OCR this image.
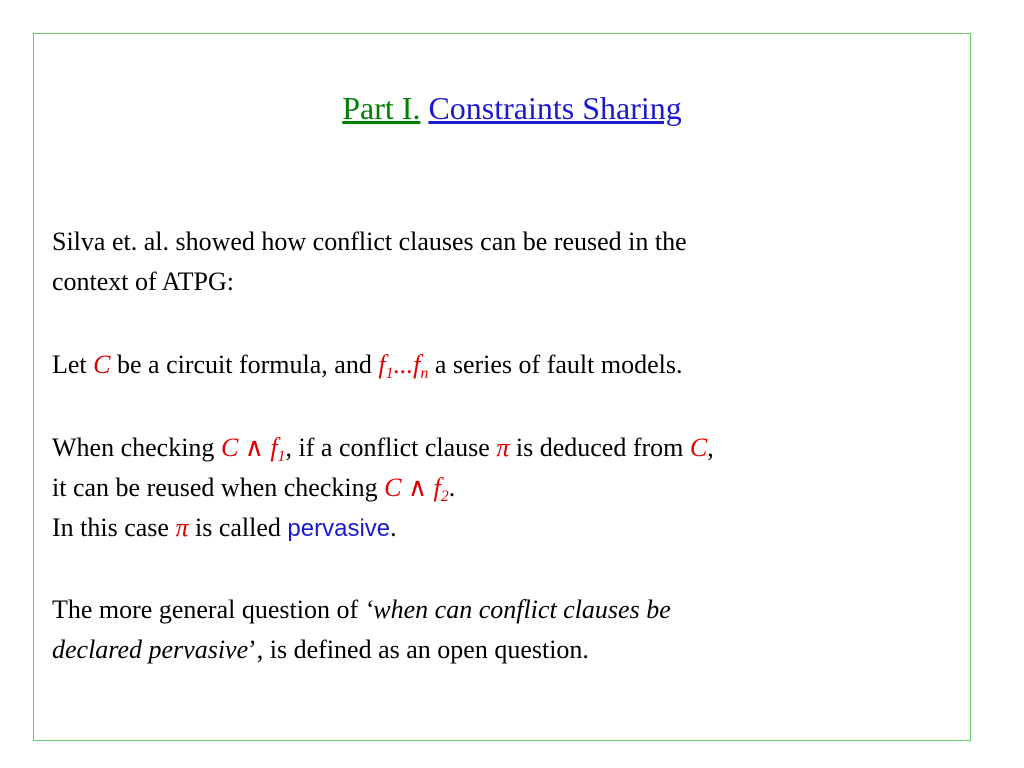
Part I. Constraints Sharing

Silva et. al. showed how conflict clauses can be reused in the
context of ATPG:

Let C be a circuit formula, and $f_1...f_n$ a series of fault models.

When checking C ∧ $f_1$, if a conflict clause π is deduced from C,
it can be reused when checking C ∧ $f_2$.
In this case π is called pervasive.

The more general question of ‘when can conflict clauses be
declared pervasive’, is defined as an open question.
